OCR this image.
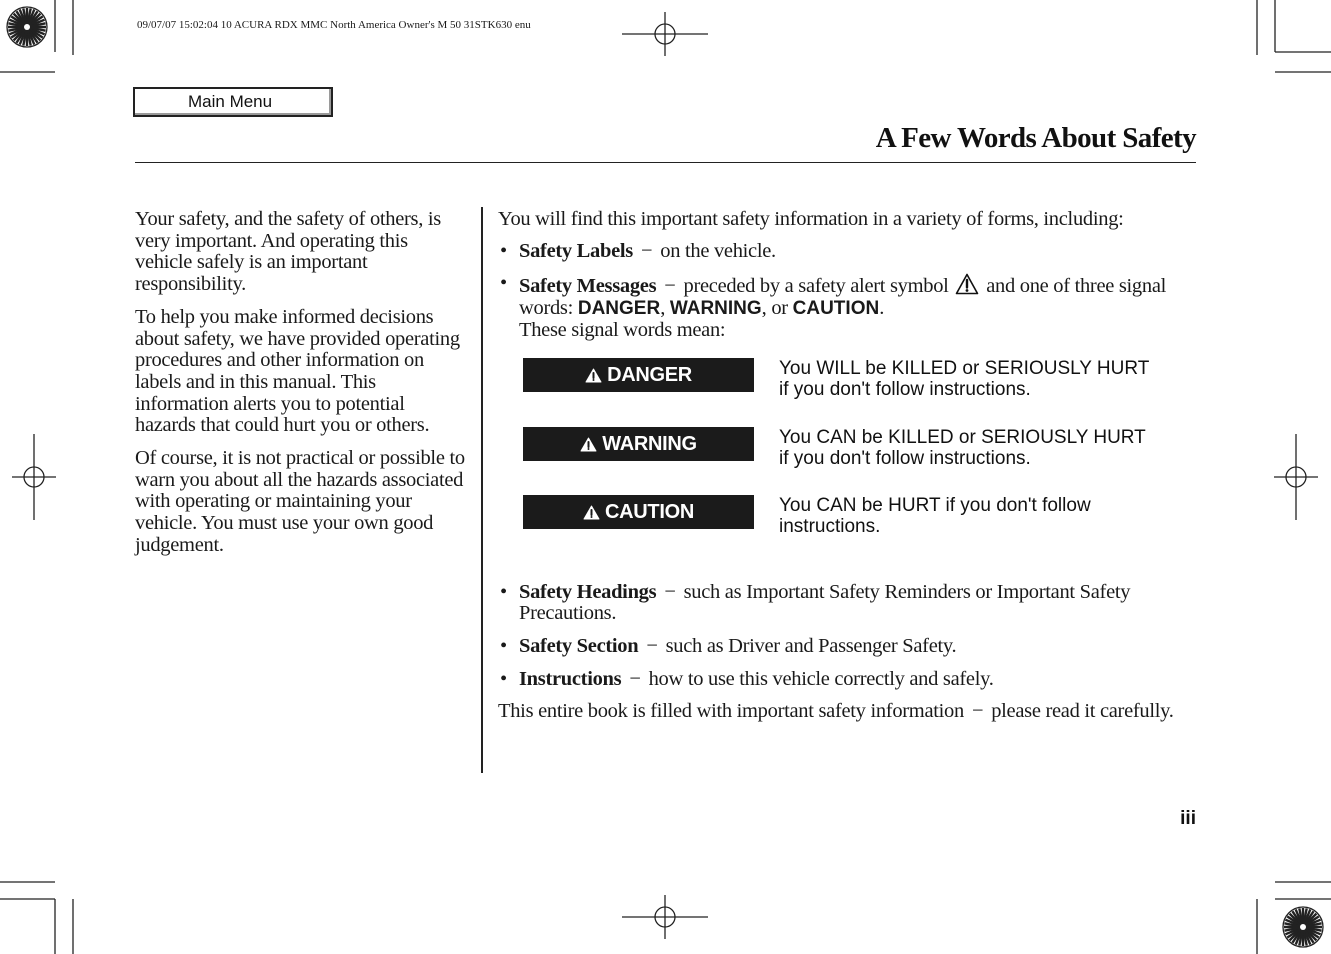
09/07/07 15:02:04 10 ACURA RDX MMC North America Owner's M 50 31STK630 enu
Main Menu
A Few Words About Safety

Your safety, and the safety of others, is very important. And operating this vehicle safely is an important responsibility.

To help you make informed decisions about safety, we have provided operating procedures and other information on labels and in this manual. This information alerts you to potential hazards that could hurt you or others.

Of course, it is not practical or possible to warn you about all the hazards associated with operating or maintaining your vehicle. You must use your own good judgement.

You will find this important safety information in a variety of forms, including:

• Safety Labels − on the vehicle.
• Safety Messages − preceded by a safety alert symbol and one of three signal words: DANGER, WARNING, or CAUTION.

These signal words mean:

DANGER	You WILL be KILLED or SERIOUSLY HURT if you don't follow instructions.
WARNING	You CAN be KILLED or SERIOUSLY HURT if you don't follow instructions.
CAUTION	You CAN be HURT if you don't follow instructions.
• Safety Headings − such as Important Safety Reminders or Important Safety Precautions.
• Safety Section − such as Driver and Passenger Safety.
• Instructions − how to use this vehicle correctly and safely.

This entire book is filled with important safety information − please read it carefully.

iii
